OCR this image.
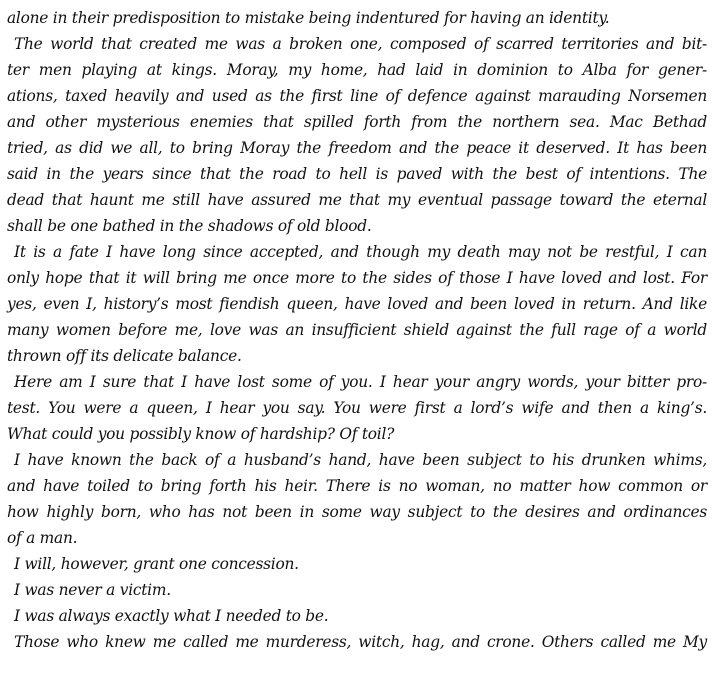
alone in their predisposition to mistake being indentured for having an identity.
The world that created me was a broken one, composed of scarred territories and bit-
ter men playing at kings. Moray, my home, had laid in dominion to Alba for gener-
ations, taxed heavily and used as the first line of defence against marauding Norsemen
and other mysterious enemies that spilled forth from the northern sea. Mac Bethad
tried, as did we all, to bring Moray the freedom and the peace it deserved. It has been
said in the years since that the road to hell is paved with the best of intentions. The
dead that haunt me still have assured me that my eventual passage toward the eternal
shall be one bathed in the shadows of old blood.
It is a fate I have long since accepted, and though my death may not be restful, I can
only hope that it will bring me once more to the sides of those I have loved and lost. For
yes, even I, history’s most fiendish queen, have loved and been loved in return. And like
many women before me, love was an insufficient shield against the full rage of a world
thrown off its delicate balance.
Here am I sure that I have lost some of you. I hear your angry words, your bitter pro-
test. You were a queen, I hear you say. You were first a lord’s wife and then a king’s.
What could you possibly know of hardship? Of toil?
I have known the back of a husband’s hand, have been subject to his drunken whims,
and have toiled to bring forth his heir. There is no woman, no matter how common or
how highly born, who has not been in some way subject to the desires and ordinances
of a man.
I will, however, grant one concession.
I was never a victim.
I was always exactly what I needed to be.
Those who knew me called me murderess, witch, hag, and crone. Others called me My
